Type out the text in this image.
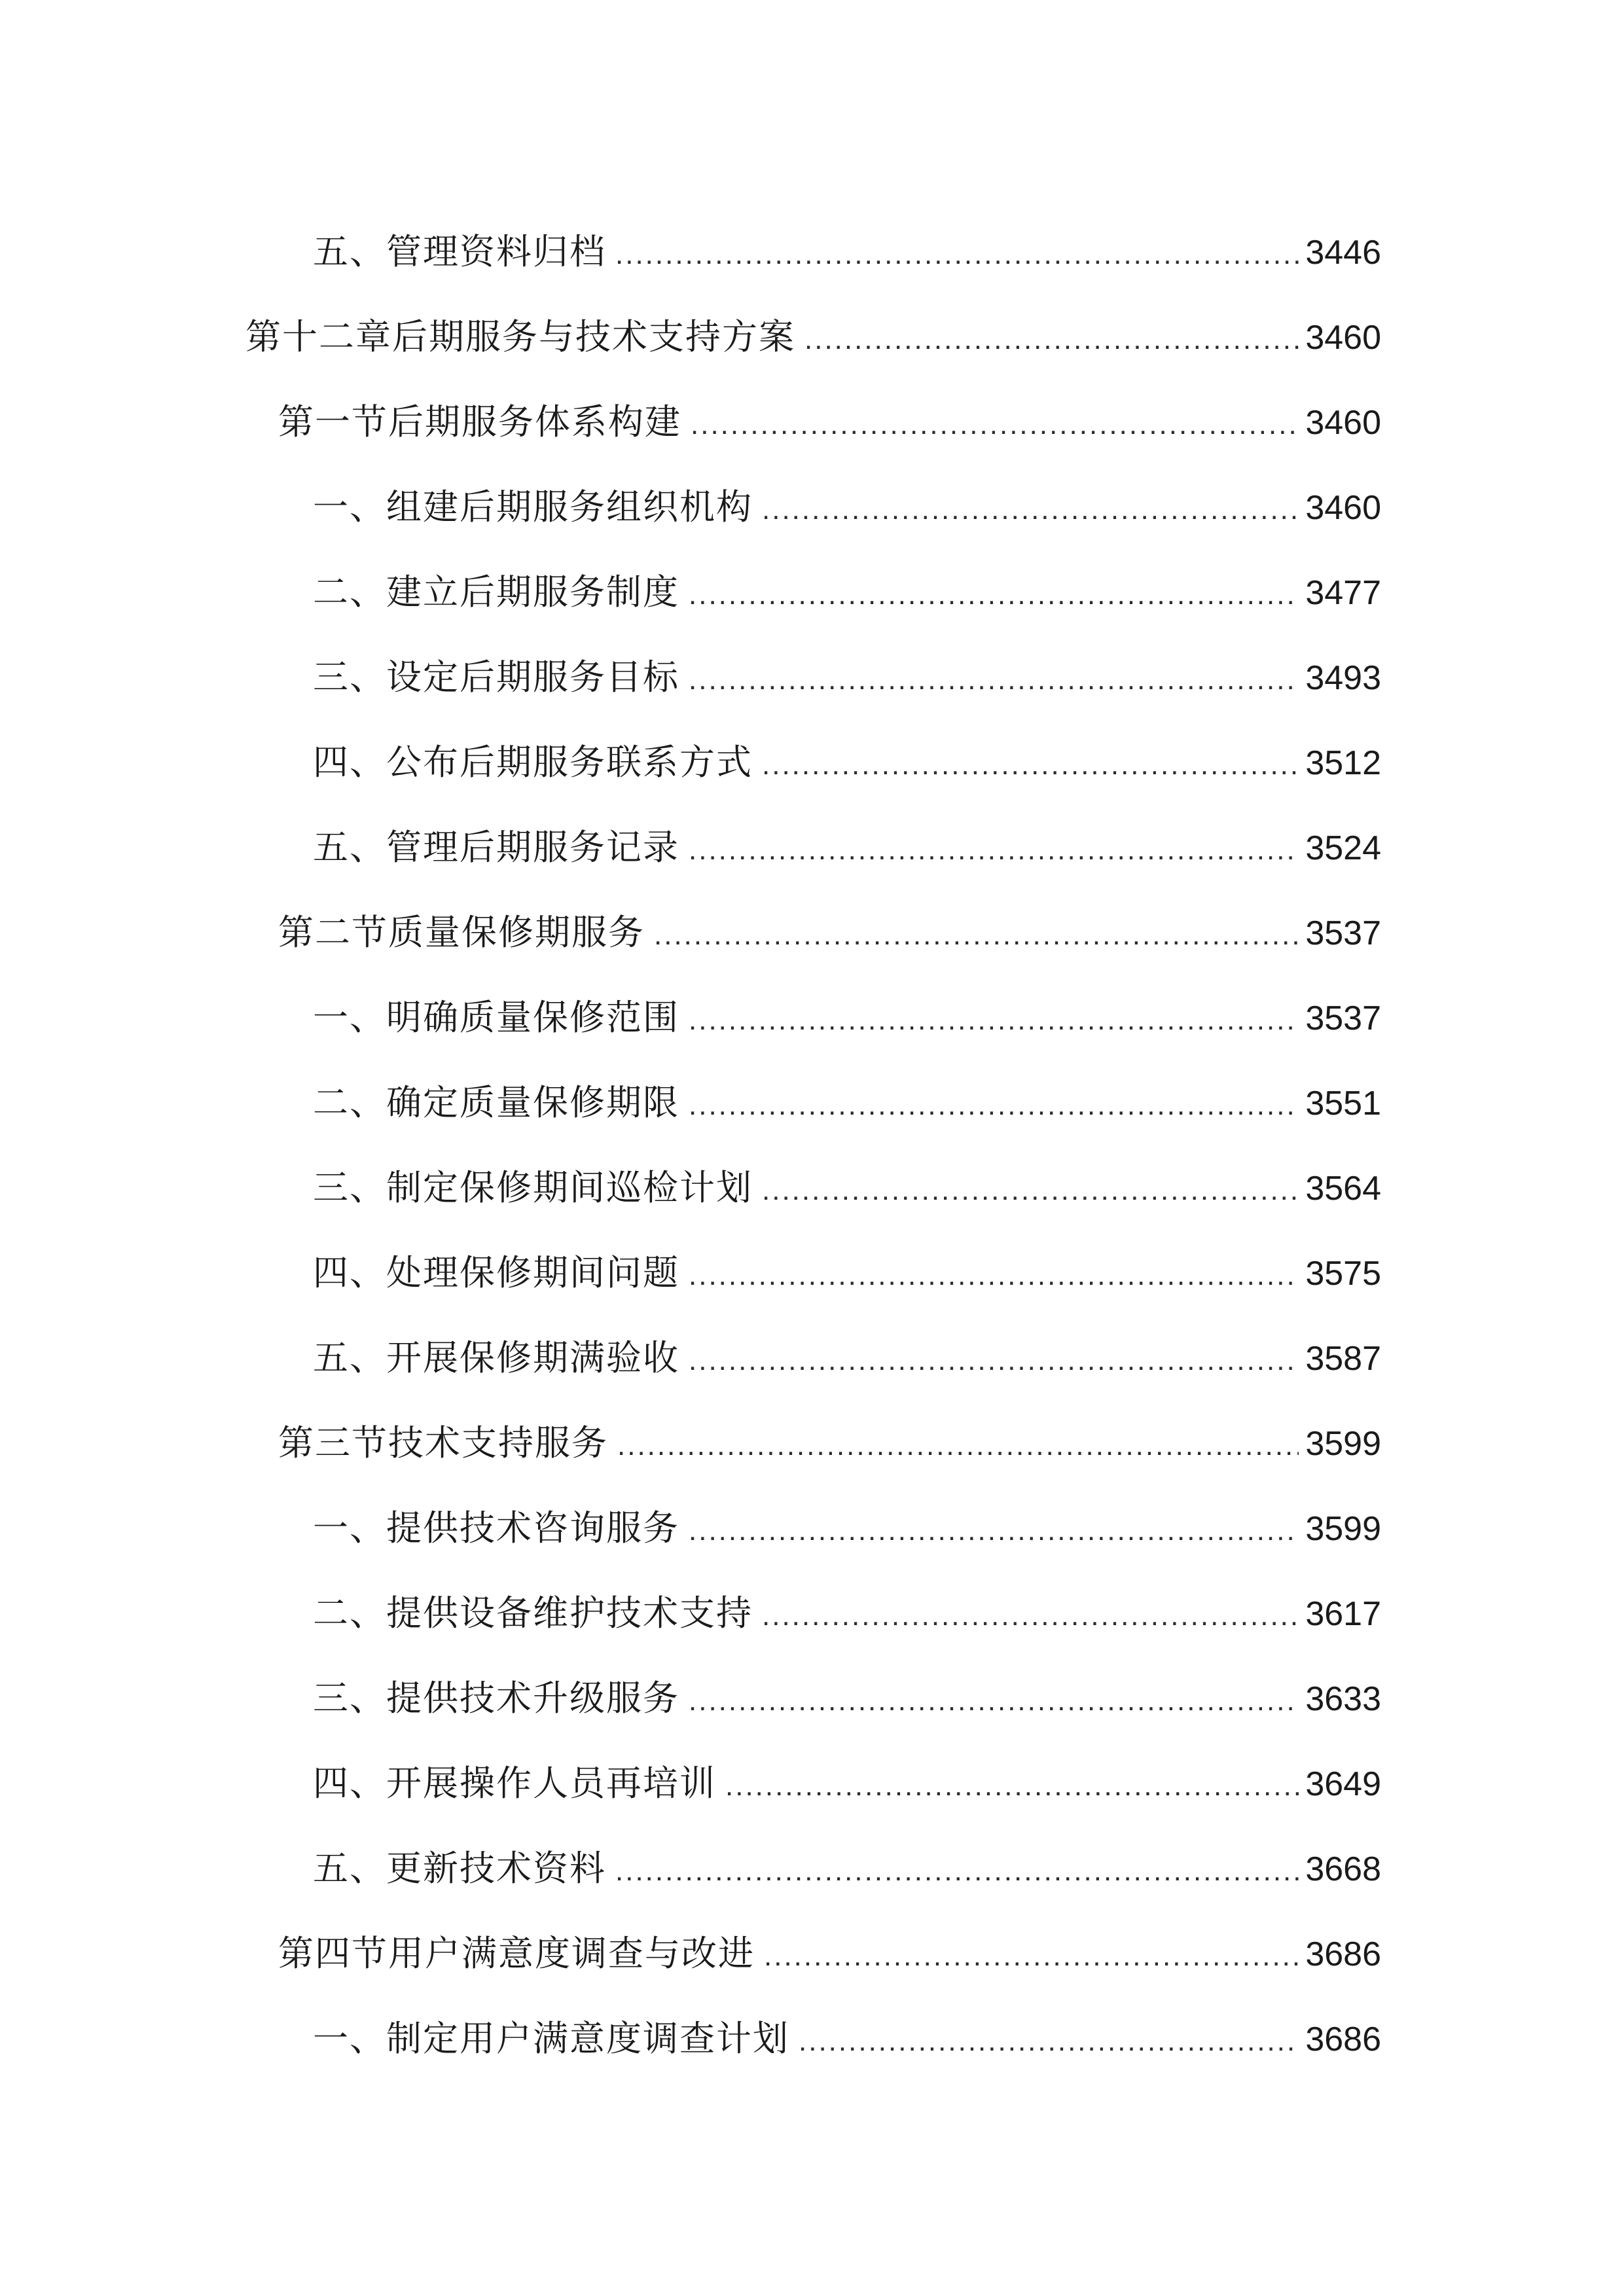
五、管理资料归档 .....	3446
第十二章后期服务与技术支持方案 .....	3460
第一节后期服务体系构建 .....	3460
一、组建后期服务组织机构 .....	3460
二、建立后期服务制度 .....	3477
三、设定后期服务目标 .....	3493
四、公布后期服务联系方式 .....	3512
五、管理后期服务记录 .....	3524
第二节质量保修期服务 .....	3537
一、明确质量保修范围 .....	3537
二、确定质量保修期限 .....	3551
三、制定保修期间巡检计划 .....	3564
四、处理保修期间问题 .....	3575
五、开展保修期满验收 .....	3587
第三节技术支持服务 .....	3599
一、提供技术咨询服务 .....	3599
二、提供设备维护技术支持 .....	3617
三、提供技术升级服务 .....	3633
四、开展操作人员再培训 .....	3649
五、更新技术资料 .....	3668
第四节用户满意度调查与改进 .....	3686
一、制定用户满意度调查计划 .....	3686
